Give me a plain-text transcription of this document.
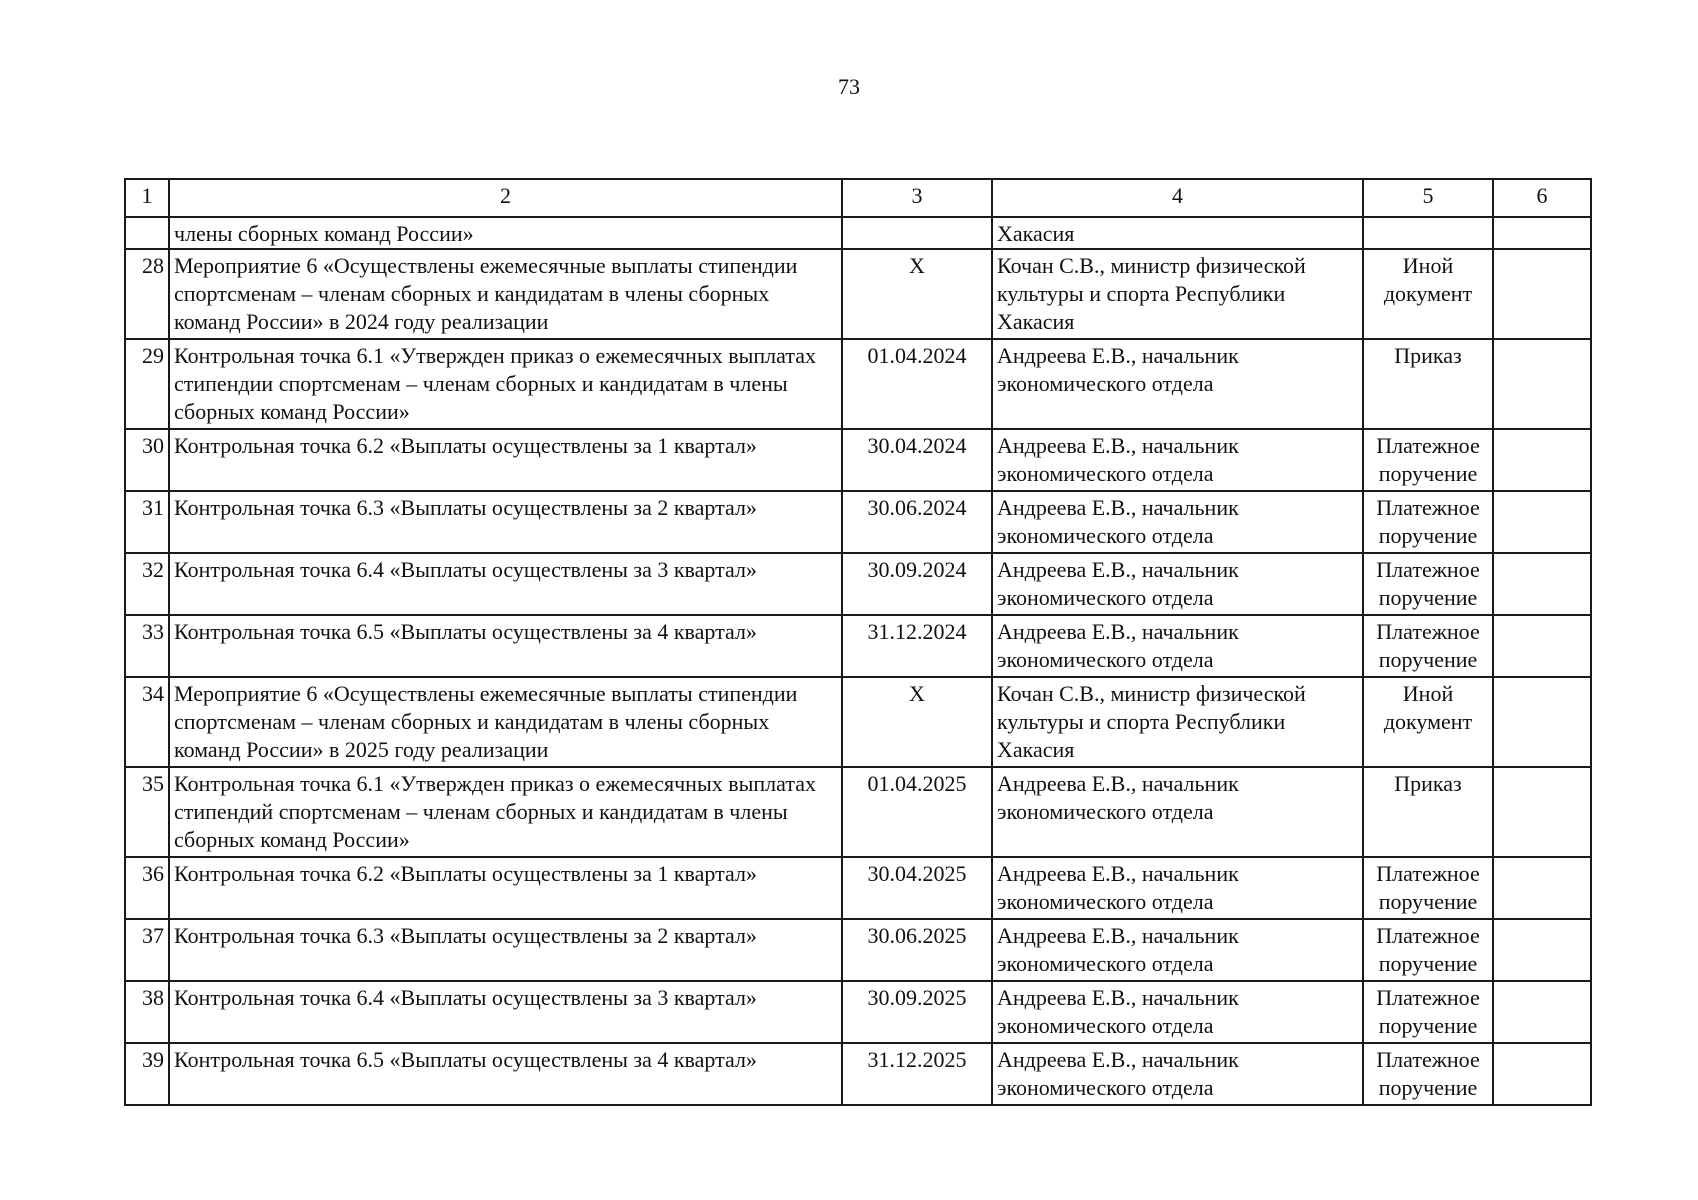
73
1	2	3	4	5	6
	члены сборных команд России»		Хакасия		
28	Мероприятие 6 «Осуществлены ежемесячные выплаты стипендии спортсменам – членам сборных и кандидатам в члены сборных команд России» в 2024 году реализации	X	Кочан С.В., министр физической культуры и спорта Республики Хакасия	Иной документ	
29	Контрольная точка 6.1 «Утвержден приказ о ежемесячных выплатах стипендии спортсменам – членам сборных и кандидатам в члены сборных команд России»	01.04.2024	Андреева Е.В., начальник экономического отдела	Приказ	
30	Контрольная точка 6.2 «Выплаты осуществлены за 1 квартал»	30.04.2024	Андреева Е.В., начальник экономического отдела	Платежное поручение	
31	Контрольная точка 6.3 «Выплаты осуществлены за 2 квартал»	30.06.2024	Андреева Е.В., начальник экономического отдела	Платежное поручение	
32	Контрольная точка 6.4 «Выплаты осуществлены за 3 квартал»	30.09.2024	Андреева Е.В., начальник экономического отдела	Платежное поручение	
33	Контрольная точка 6.5 «Выплаты осуществлены за 4 квартал»	31.12.2024	Андреева Е.В., начальник экономического отдела	Платежное поручение	
34	Мероприятие 6 «Осуществлены ежемесячные выплаты стипендии спортсменам – членам сборных и кандидатам в члены сборных команд России» в 2025 году реализации	X	Кочан С.В., министр физической культуры и спорта Республики Хакасия	Иной документ	
35	Контрольная точка 6.1 «Утвержден приказ о ежемесячных выплатах стипендий спортсменам – членам сборных и кандидатам в члены сборных команд России»	01.04.2025	Андреева Е.В., начальник экономического отдела	Приказ	
36	Контрольная точка 6.2 «Выплаты осуществлены за 1 квартал»	30.04.2025	Андреева Е.В., начальник экономического отдела	Платежное поручение	
37	Контрольная точка 6.3 «Выплаты осуществлены за 2 квартал»	30.06.2025	Андреева Е.В., начальник экономического отдела	Платежное поручение	
38	Контрольная точка 6.4 «Выплаты осуществлены за 3 квартал»	30.09.2025	Андреева Е.В., начальник экономического отдела	Платежное поручение	
39	Контрольная точка 6.5 «Выплаты осуществлены за 4 квартал»	31.12.2025	Андреева Е.В., начальник экономического отдела	Платежное поручение	
